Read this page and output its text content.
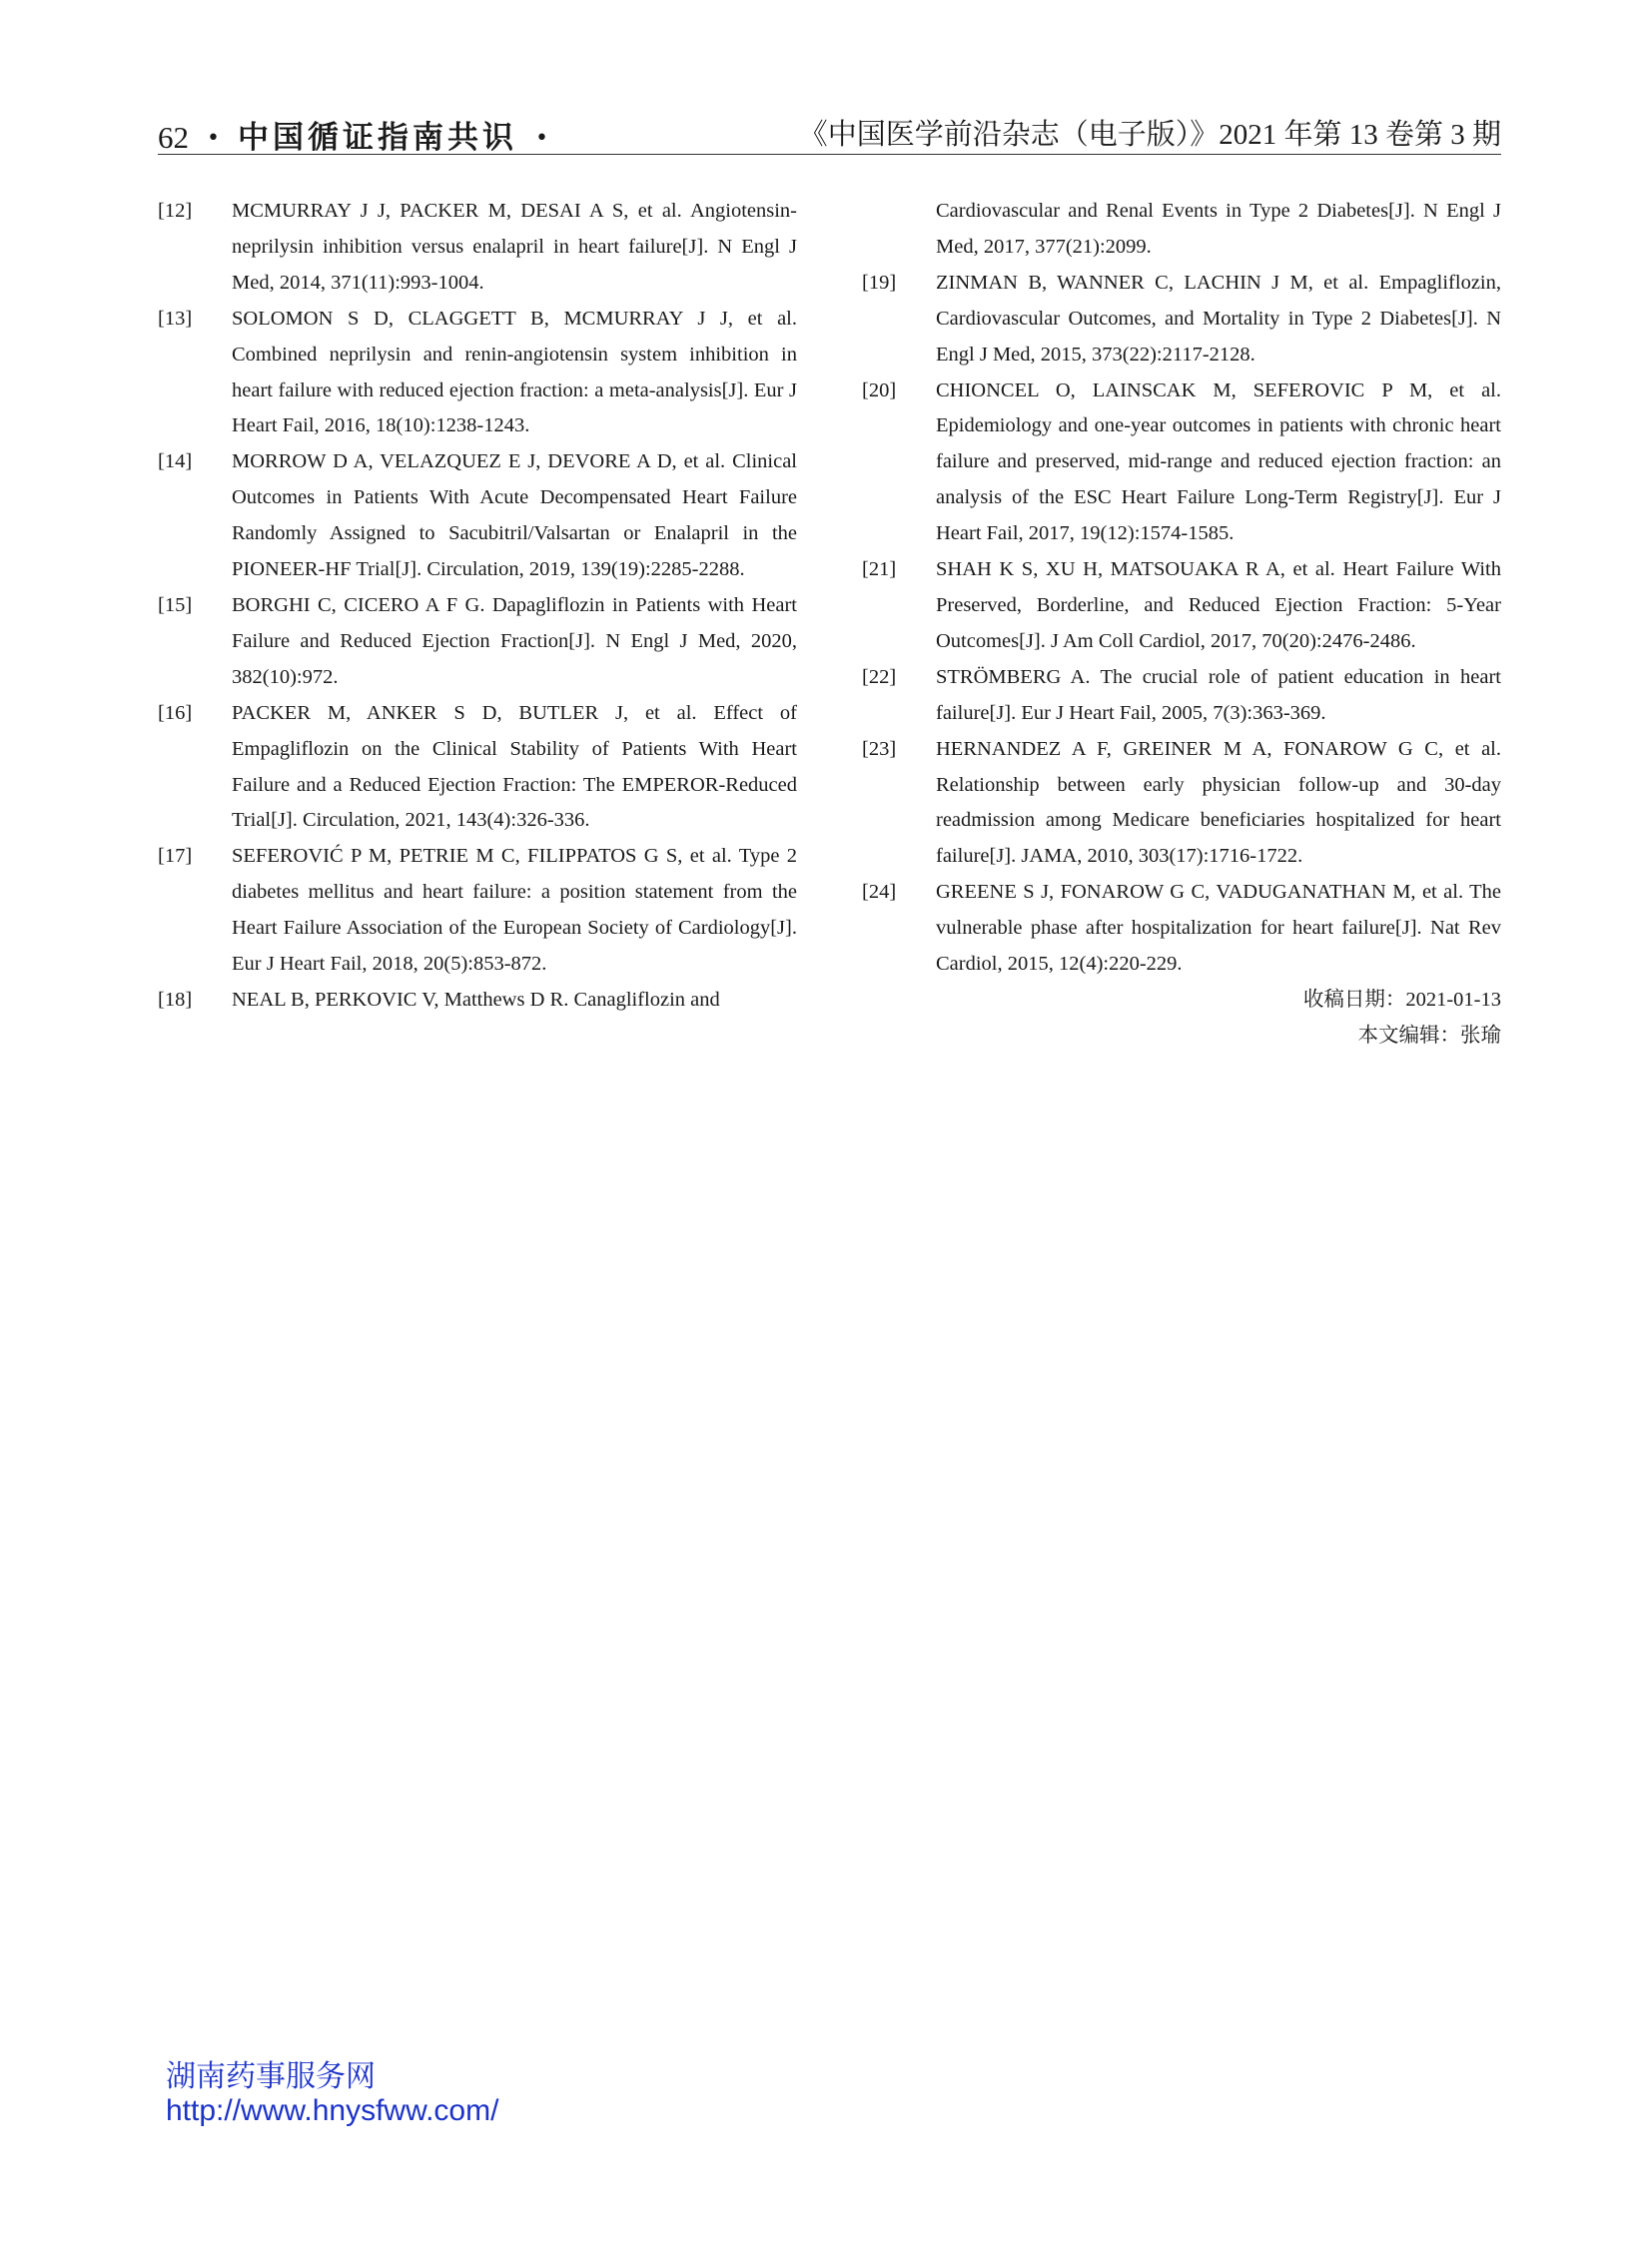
62 • 中国循证指南共识 •	《中国医学前沿杂志（电子版）》2021 年第 13 卷第 3 期
[12]	MCMURRAY J J, PACKER M, DESAI A S, et al. Angiotensin-neprilysin inhibition versus enalapril in heart failure[J]. N Engl J Med, 2014, 371(11):993-1004.
[13]	SOLOMON S D, CLAGGETT B, MCMURRAY J J, et al. Combined neprilysin and renin-angiotensin system inhibition in heart failure with reduced ejection fraction: a meta-analysis[J]. Eur J Heart Fail, 2016, 18(10):1238-1243.
[14]	MORROW D A, VELAZQUEZ E J, DEVORE A D, et al. Clinical Outcomes in Patients With Acute Decompensated Heart Failure Randomly Assigned to Sacubitril/Valsartan or Enalapril in the PIONEER-HF Trial[J]. Circulation, 2019, 139(19):2285-2288.
[15]	BORGHI C, CICERO A F G. Dapagliflozin in Patients with Heart Failure and Reduced Ejection Fraction[J]. N Engl J Med, 2020, 382(10):972.
[16]	PACKER M, ANKER S D, BUTLER J, et al. Effect of Empagliflozin on the Clinical Stability of Patients With Heart Failure and a Reduced Ejection Fraction: The EMPEROR-Reduced Trial[J]. Circulation, 2021, 143(4):326-336.
[17]	SEFEROVIĆ P M, PETRIE M C, FILIPPATOS G S, et al. Type 2 diabetes mellitus and heart failure: a position statement from the Heart Failure Association of the European Society of Cardiology[J]. Eur J Heart Fail, 2018, 20(5):853-872.
[18]	NEAL B, PERKOVIC V, Matthews D R. Canagliflozin and
Cardiovascular and Renal Events in Type 2 Diabetes[J]. N Engl J Med, 2017, 377(21):2099.
[19]	ZINMAN B, WANNER C, LACHIN J M, et al. Empagliflozin, Cardiovascular Outcomes, and Mortality in Type 2 Diabetes[J]. N Engl J Med, 2015, 373(22):2117-2128.
[20]	CHIONCEL O, LAINSCAK M, SEFEROVIC P M, et al. Epidemiology and one-year outcomes in patients with chronic heart failure and preserved, mid-range and reduced ejection fraction: an analysis of the ESC Heart Failure Long-Term Registry[J]. Eur J Heart Fail, 2017, 19(12):1574-1585.
[21]	SHAH K S, XU H, MATSOUAKA R A, et al. Heart Failure With Preserved, Borderline, and Reduced Ejection Fraction: 5-Year Outcomes[J]. J Am Coll Cardiol, 2017, 70(20):2476-2486.
[22]	STRÖMBERG A. The crucial role of patient education in heart failure[J]. Eur J Heart Fail, 2005, 7(3):363-369.
[23]	HERNANDEZ A F, GREINER M A, FONAROW G C, et al. Relationship between early physician follow-up and 30-day readmission among Medicare beneficiaries hospitalized for heart failure[J]. JAMA, 2010, 303(17):1716-1722.
[24]	GREENE S J, FONAROW G C, VADUGANATHAN M, et al. The vulnerable phase after hospitalization for heart failure[J]. Nat Rev Cardiol, 2015, 12(4):220-229.
收稿日期：2021-01-13
本文编辑：张瑜
湖南药事服务网
http://www.hnysfww.com/
